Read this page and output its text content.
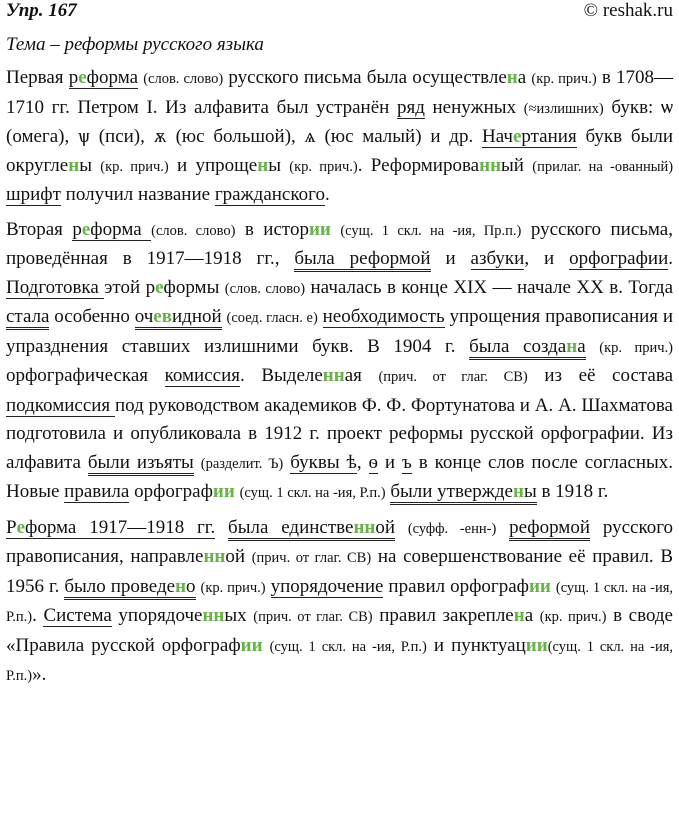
Упр. 167	© reshak.ru
Тема – реформы русского языка

Первая реформа (слов. слово) русского письма была осуществлена (кр. прич.) в 1708— 1710 гг. Петром I. Из алфавита был устранён ряд ненужных (≈излишних) букв: ѡ (омега), ѱ (пси), ѫ (юс большой), ѧ (юс малый) и др. Начертания букв были округлены (кр. прич.) и упрощены (кр. прич.). Реформированный (прилаг. на -ованный) шрифт получил название гражданского.

Вторая реформа (слов. слово) в истории (сущ. 1 скл. на -ия, Пр.п.) русского письма, проведённая в 1917—1918 гг., была реформой и азбуки, и орфографии. Подготовка этой реформы (слов. слово) началась в конце XIX — начале XX в. Тогда стала особенно очевидной (соед. гласн. е) необходимость упрощения правописания и упразднения ставших излишними букв. В 1904 г. была создана (кр. прич.) орфографическая комиссия. Выделенная (прич. от глаг. СВ) из её состава подкомиссия под руководством академиков Ф. Ф. Фортунатова и А. А. Шахматова подготовила и опубликовала в 1912 г. проект реформы русской орфографии. Из алфавита были изъяты (разделит. Ъ) буквы ѣ, ѳ и ъ в конце слов после согласных. Новые правила орфографии (сущ. 1 скл. на -ия, Р.п.) были утверждены в 1918 г.

Реформа 1917—1918 гг. была единственной (суфф. -енн-) реформой русского правописания, направленной (прич. от глаг. СВ) на совершенствование её правил. В 1956 г. было проведено (кр. прич.) упорядочение правил орфографии (сущ. 1 скл. на -ия, Р.п.). Система упорядоченных (прич. от глаг. СВ) правил закреплена (кр. прич.) в своде «Правила русской орфографии (сущ. 1 скл. на -ия, Р.п.) и пунктуации(сущ. 1 скл. на -ия, Р.п.)».
